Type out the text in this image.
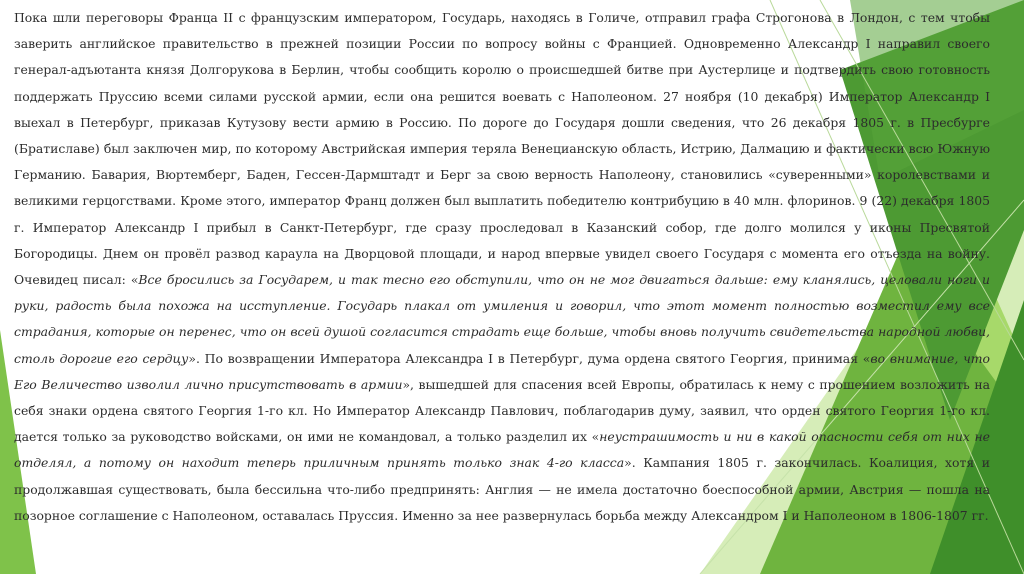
Пока шли переговоры Франца II с французским императором, Государь, находясь в Голиче, отправил графа Строгонова в Лондон, с тем чтобы заверить английское правительство в прежней позиции России по вопросу войны с Францией. Одновременно Александр I направил своего генерал-адъютанта князя Долгорукова в Берлин, чтобы сообщить королю о происшедшей битве при Аустерлице и подтвердить свою готовность поддержать Пруссию всеми силами русской армии, если она решится воевать с Наполеоном. 27 ноября (10 декабря) Император Александр I выехал в Петербург, приказав Кутузову вести армию в Россию. По дороге до Государя дошли сведения, что 26 декабря 1805 г. в Пресбурге (Братиславе) был заключен мир, по которому Австрийская империя теряла Венецианскую область, Истрию, Далмацию и фактически всю Южную Германию. Бавария, Вюртемберг, Баден, Гессен-Дармштадт и Берг за свою верность Наполеону, становились «суверенными» королевствами и великими герцогствами. Кроме этого, император Франц должен был выплатить победителю контрибуцию в 40 млн. флоринов. 9 (22) декабря 1805 г. Император Александр I прибыл в Санкт-Петербург, где сразу проследовал в Казанский собор, где долго молился у иконы Пресвятой Богородицы. Днем он провёл развод караула на Дворцовой площади, и народ впервые увидел своего Государя с момента его отъезда на войну. Очевидец писал: «Все бросились за Государем, и так тесно его обступили, что он не мог двигаться дальше: ему кланялись, целовали ноги и руки, радость была похожа на исступление. Государь плакал от умиления и говорил, что этот момент полностью возместил ему все страдания, которые он перенес, что он всей душой согласится страдать еще больше, чтобы вновь получить свидетельства народной любви, столь дорогие его сердцу». По возвращении Императора Александра I в Петербург, дума ордена святого Георгия, принимая «во внимание, что Его Величество изволил лично присутствовать в армии», вышедшей для спасения всей Европы, обратилась к нему с прошением возложить на себя знаки ордена святого Георгия 1-го кл. Но Император Александр Павлович, поблагодарив думу, заявил, что орден святого Георгия 1-го кл. дается только за руководство войсками, он ими не командовал, а только разделил их «неустрашимость и ни в какой опасности себя от них не отделял, а потому он находит теперь приличным принять только знак 4-го класса». Кампания 1805 г. закончилась. Коалиция, хотя и продолжавшая существовать, была бессильна что-либо предпринять: Англия — не имела достаточно боеспособной армии, Австрия — пошла на позорное соглашение с Наполеоном, оставалась Пруссия. Именно за нее развернулась борьба между Александром I и Наполеоном в 1806-1807 гг.
